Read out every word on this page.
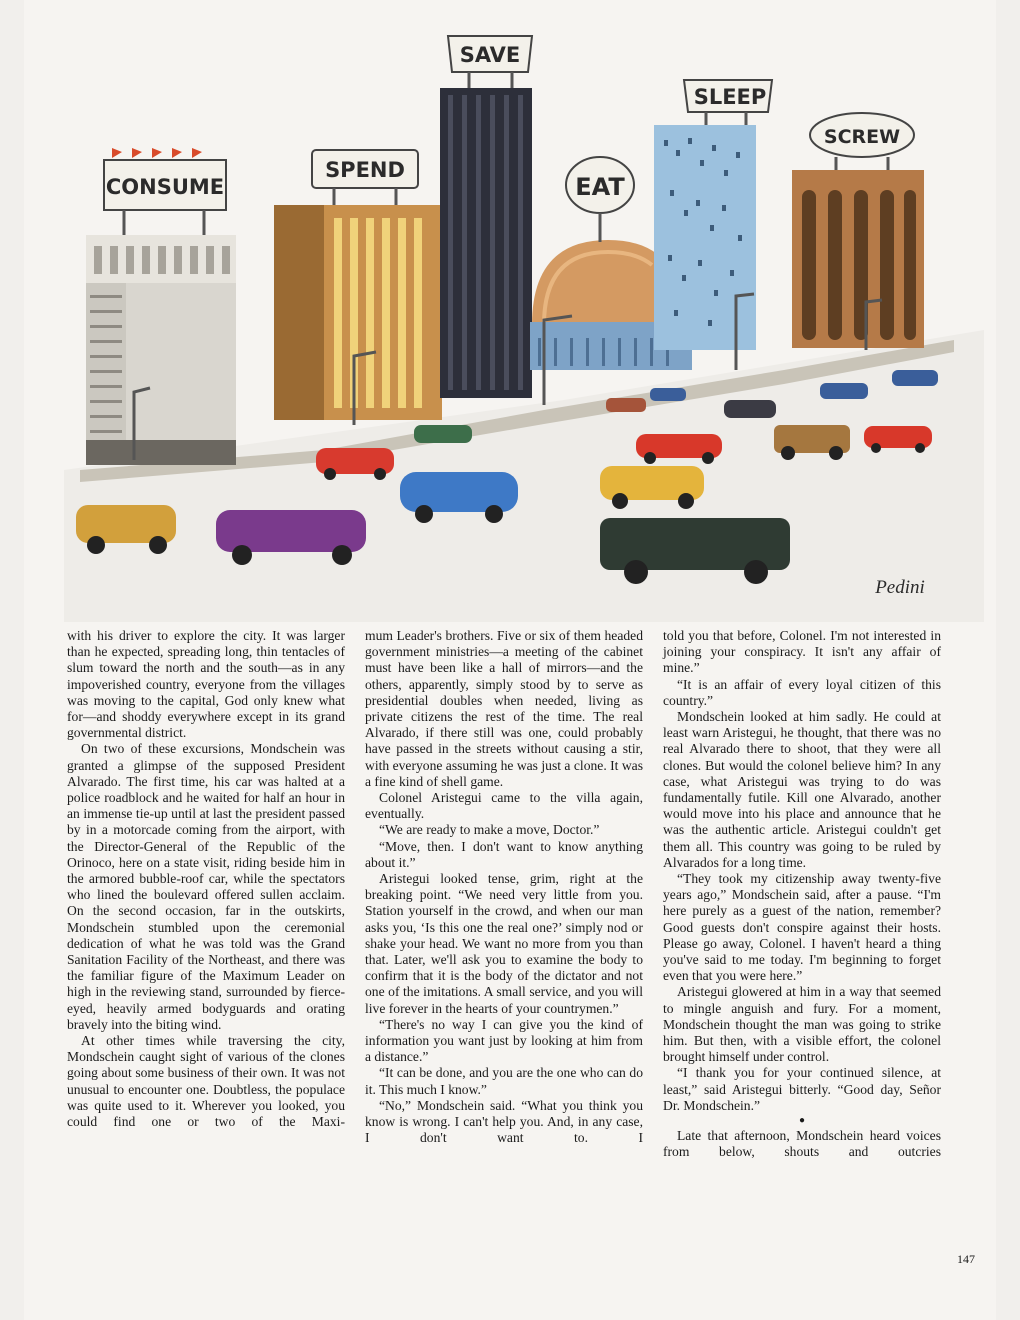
CONSUME
SPEND
SAVE
EAT
SLEEP
SCREW
Pedini

with his driver to explore the city. It was larger than he expected, spreading long, thin tentacles of slum toward the north and the south—as in any impoverished country, everyone from the villages was moving to the capital, God only knew what for—and shoddy everywhere except in its grand governmental district.

On two of these excursions, Mondschein was granted a glimpse of the supposed President Alvarado. The first time, his car was halted at a police roadblock and he waited for half an hour in an immense tie-up until at last the president passed by in a motorcade coming from the airport, with the Director-General of the Republic of the Orinoco, here on a state visit, riding beside him in the armored bubble-roof car, while the spectators who lined the boulevard offered sullen acclaim. On the second occasion, far in the outskirts, Mondschein stumbled upon the ceremonial dedication of what he was told was the Grand Sanitation Facility of the Northeast, and there was the familiar figure of the Maximum Leader on high in the reviewing stand, surrounded by fierce-eyed, heavily armed bodyguards and orating bravely into the biting wind.

At other times while traversing the city, Mondschein caught sight of various of the clones going about some business of their own. It was not unusual to encounter one. Doubtless, the populace was quite used to it. Wherever you looked, you could find one or two of the Maxi-

mum Leader's brothers. Five or six of them headed government ministries—a meeting of the cabinet must have been like a hall of mirrors—and the others, apparently, simply stood by to serve as presidential doubles when needed, living as private citizens the rest of the time. The real Alvarado, if there still was one, could probably have passed in the streets without causing a stir, with everyone assuming he was just a clone. It was a fine kind of shell game.

Colonel Aristegui came to the villa again, eventually.

“We are ready to make a move, Doctor.”

“Move, then. I don't want to know anything about it.”

Aristegui looked tense, grim, right at the breaking point. “We need very little from you. Station yourself in the crowd, and when our man asks you, ‘Is this one the real one?’ simply nod or shake your head. We want no more from you than that. Later, we'll ask you to examine the body to confirm that it is the body of the dictator and not one of the imitations. A small service, and you will live forever in the hearts of your countrymen.”

“There's no way I can give you the kind of information you want just by looking at him from a distance.”

“It can be done, and you are the one who can do it. This much I know.”

“No,” Mondschein said. “What you think you know is wrong. I can't help you. And, in any case, I don't want to. I

told you that before, Colonel. I'm not interested in joining your conspiracy. It isn't any affair of mine.”

“It is an affair of every loyal citizen of this country.”

Mondschein looked at him sadly. He could at least warn Aristegui, he thought, that there was no real Alvarado there to shoot, that they were all clones. But would the colonel believe him? In any case, what Aristegui was trying to do was fundamentally futile. Kill one Alvarado, another would move into his place and announce that he was the authentic article. Aristegui couldn't get them all. This country was going to be ruled by Alvarados for a long time.

“They took my citizenship away twenty-five years ago,” Mondschein said, after a pause. “I'm here purely as a guest of the nation, remember? Good guests don't conspire against their hosts. Please go away, Colonel. I haven't heard a thing you've said to me today. I'm beginning to forget even that you were here.”

Aristegui glowered at him in a way that seemed to mingle anguish and fury. For a moment, Mondschein thought the man was going to strike him. But then, with a visible effort, the colonel brought himself under control.

“I thank you for your continued silence, at least,” said Aristegui bitterly. “Good day, Señor Dr. Mondschein.”

●

Late that afternoon, Mondschein heard voices from below, shouts and outcries

147
